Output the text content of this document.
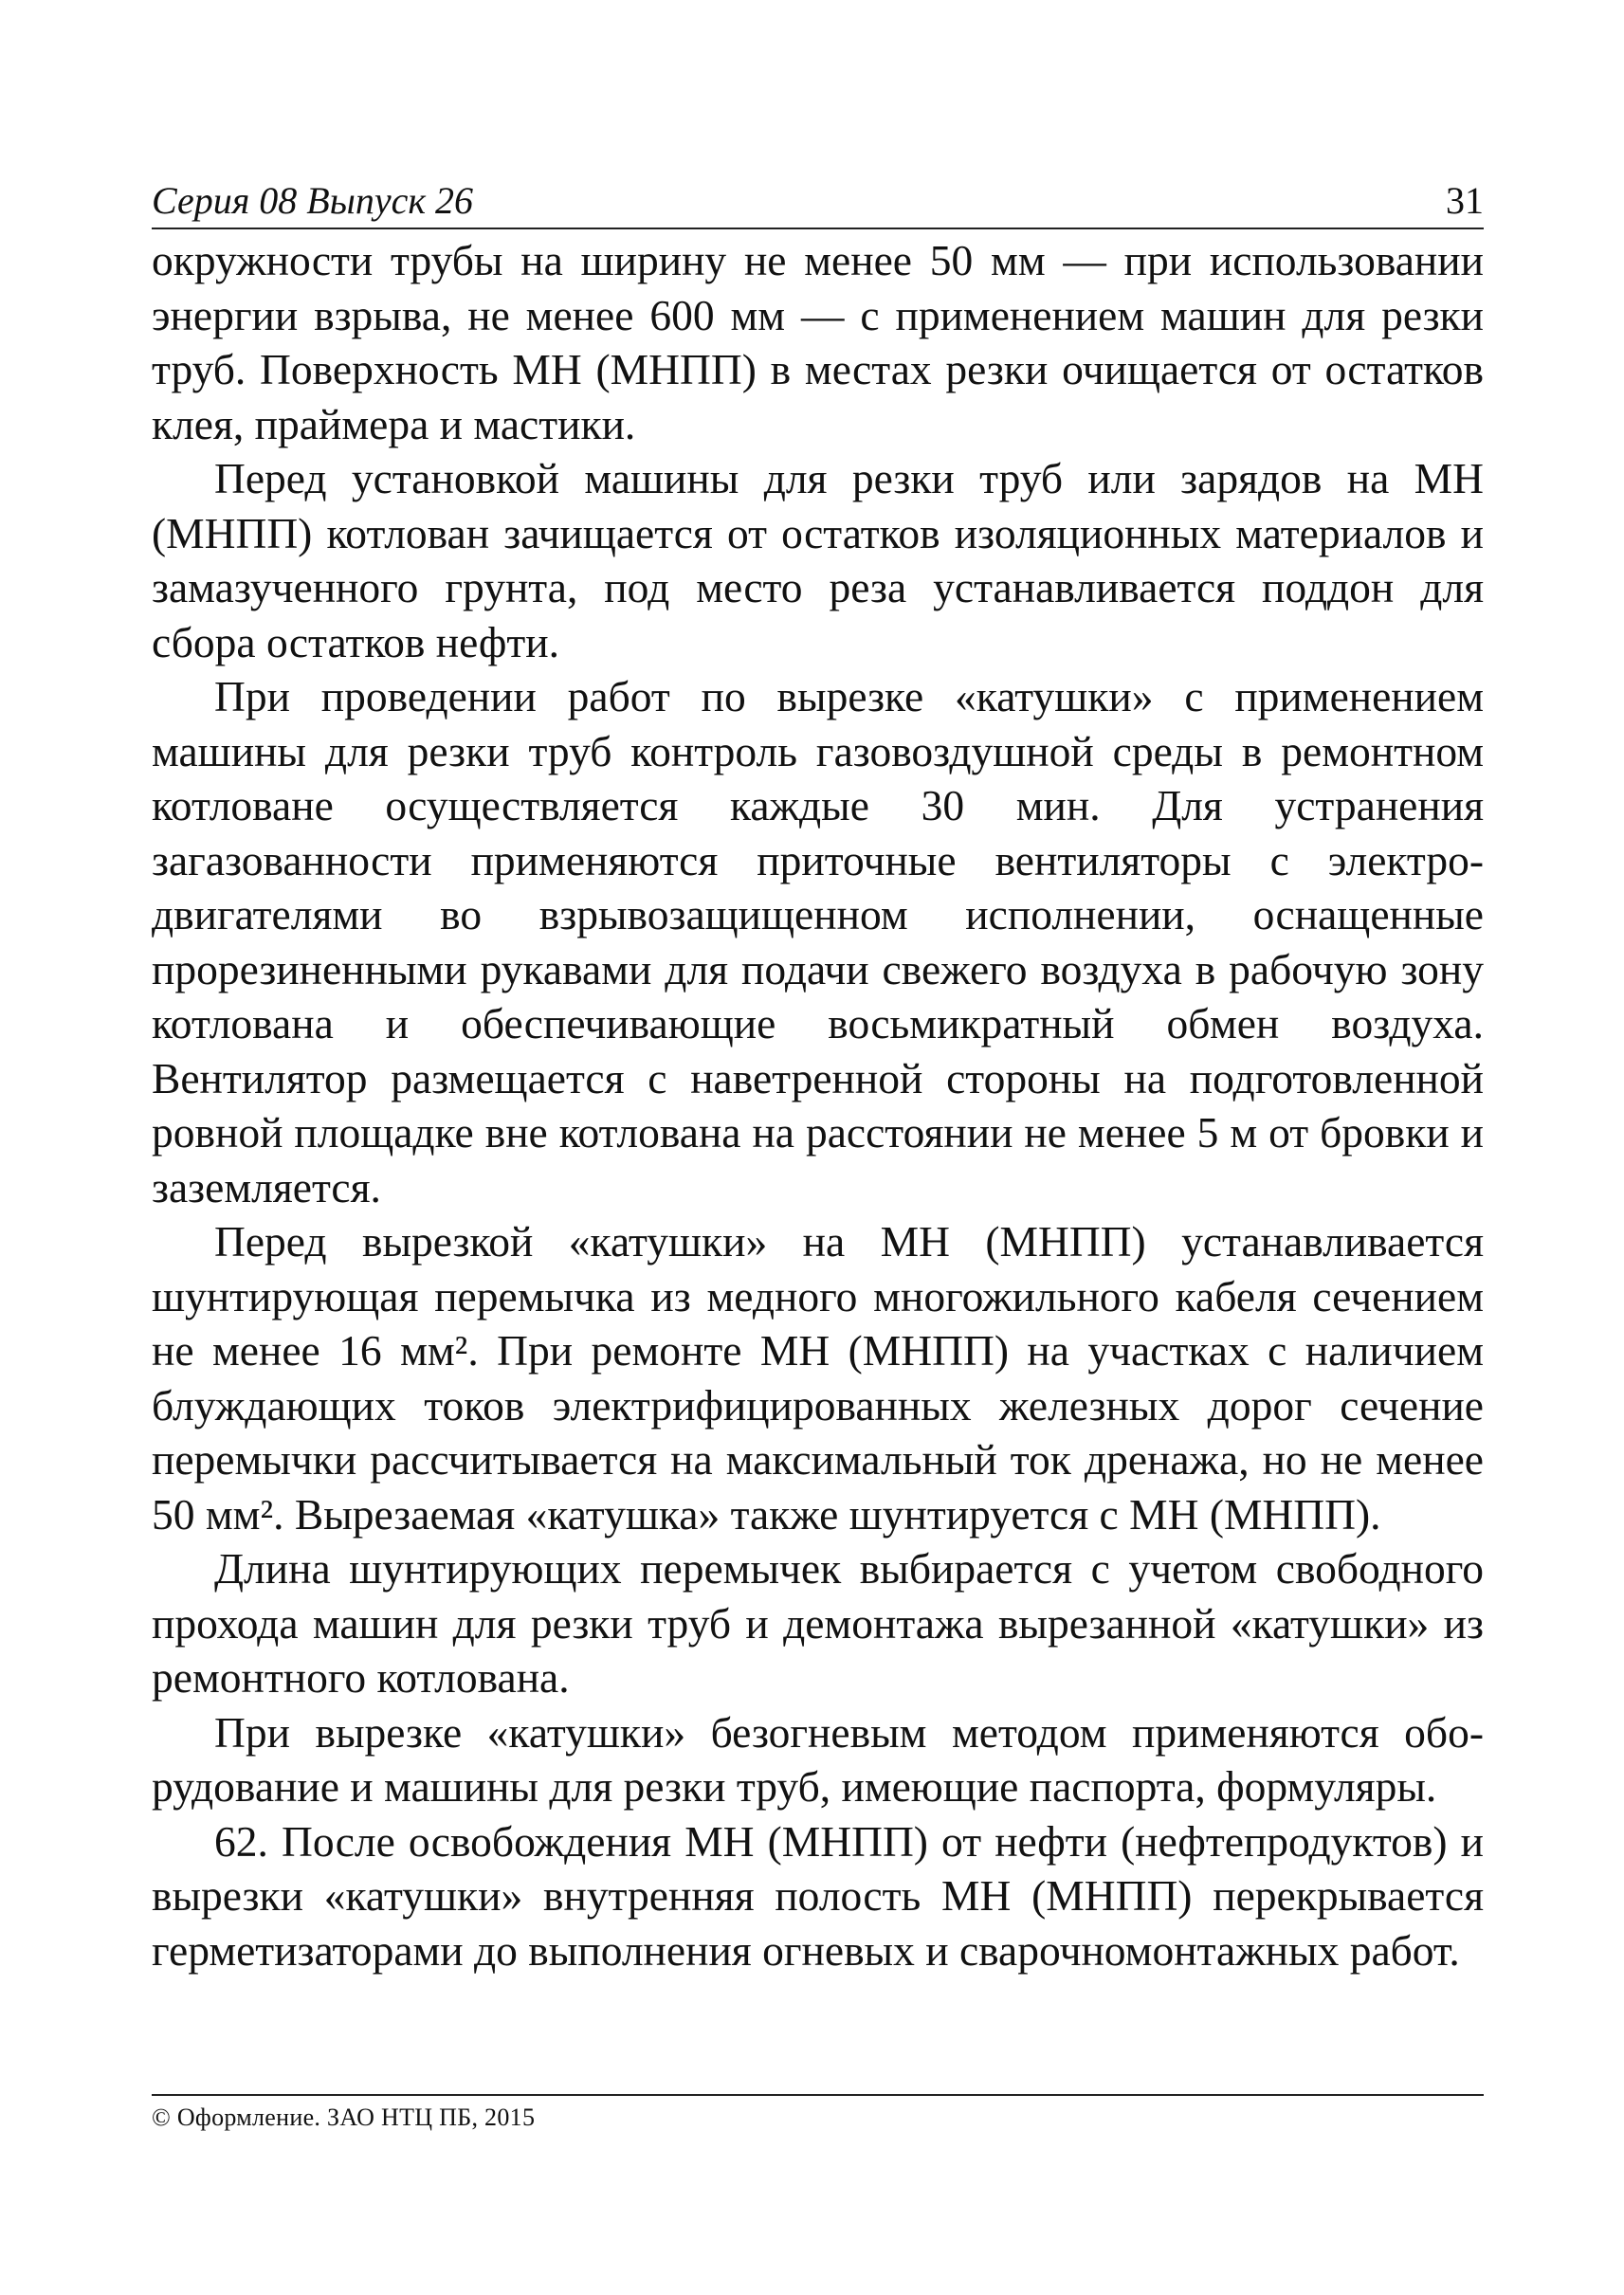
Серия 08 Выпуск 26	31

окружности трубы на ширину не менее 50 мм — при использовании энергии взрыва, не менее 600 мм — с применением машин для резки труб. Поверхность МН (МНПП) в местах резки очищается от остатков клея, праймера и мастики.

Перед установкой машины для резки труб или зарядов на МН (МНПП) котлован зачищается от остатков изоляционных материалов и замазученного грунта, под место реза устанавливается поддон для сбора остатков нефти.

При проведении работ по вырезке «катушки» с применением машины для резки труб контроль газовоздушной среды в ремонтном котловане осуществляется каждые 30 мин. Для устранения загазованности применяются приточные вентиляторы с электродвигателями во взрывозащищенном исполнении, оснащенные прорезиненными рукавами для подачи свежего воздуха в рабочую зону котлована и обеспечивающие восьмикратный обмен воздуха. Вентилятор размещается с наветренной стороны на подготовленной ровной площадке вне котлована на расстоянии не менее 5 м от бровки и заземляется.

Перед вырезкой «катушки» на МН (МНПП) устанавливается шунтирующая перемычка из медного многожильного кабеля сечением не менее 16 мм². При ремонте МН (МНПП) на участках с наличием блуждающих токов электрифицированных железных дорог сечение перемычки рассчитывается на максимальный ток дренажа, но не менее 50 мм². Вырезаемая «катушка» также шунтируется с МН (МНПП).

Длина шунтирующих перемычек выбирается с учетом свободного прохода машин для резки труб и демонтажа вырезанной «катушки» из ремонтного котлована.

При вырезке «катушки» безогневым методом применяются оборудование и машины для резки труб, имеющие паспорта, формуляры.

62. После освобождения МН (МНПП) от нефти (нефтепродуктов) и вырезки «катушки» внутренняя полость МН (МНПП) перекрывается герметизаторами до выполнения огневых и сварочномонтажных работ.

© Оформление. ЗАО НТЦ ПБ, 2015
